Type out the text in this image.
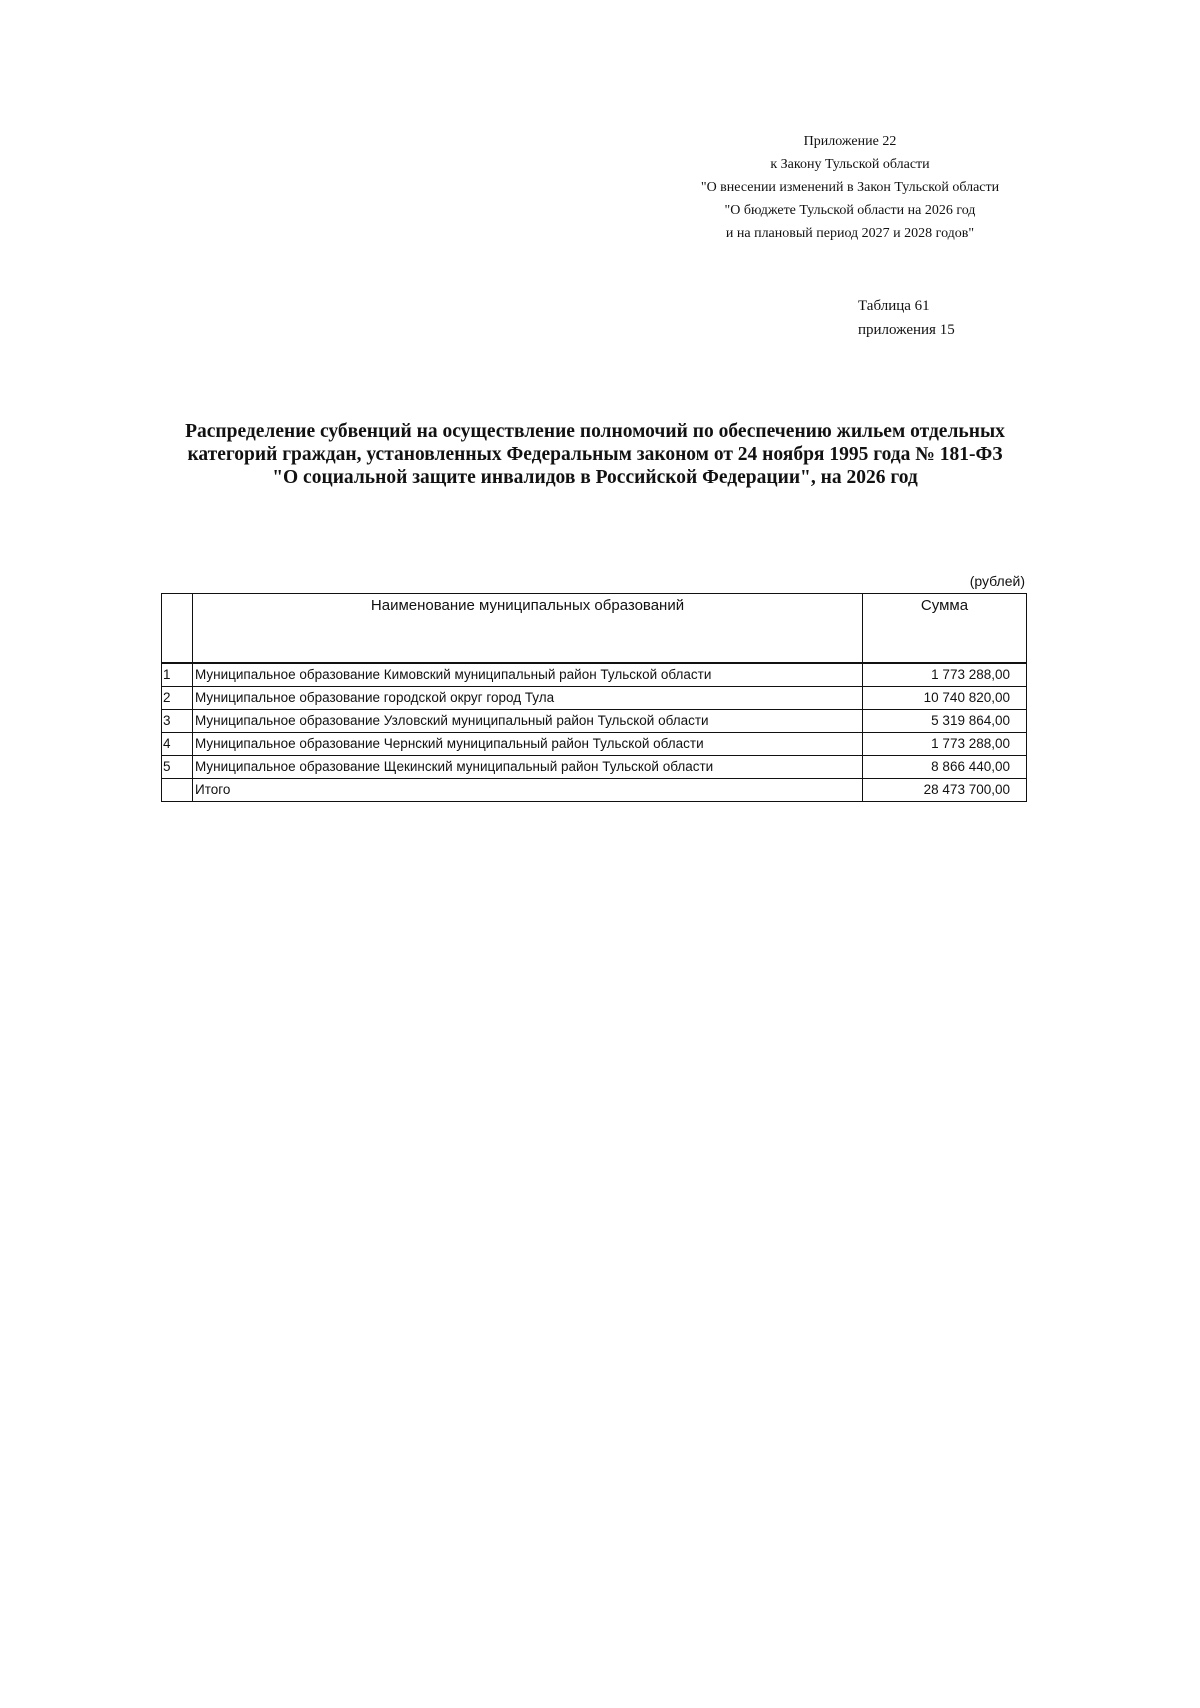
Приложение 22
к Закону Тульской области
"О внесении изменений в Закон Тульской области
"О бюджете Тульской области на 2026 год
и на плановый период 2027 и 2028 годов"
Таблица 61
приложения 15
Распределение субвенций на осуществление полномочий по обеспечению жильем отдельных
категорий граждан, установленных Федеральным законом от 24 ноября 1995 года № 181-ФЗ
"О социальной защите инвалидов в Российской Федерации", на 2026 год
(рублей)
	Наименование муниципальных образований	Сумма
1	Муниципальное образование Кимовский муниципальный район Тульской области	1 773 288,00
2	Муниципальное образование городской округ город Тула	10 740 820,00
3	Муниципальное образование Узловский муниципальный район Тульской области	5 319 864,00
4	Муниципальное образование Чернский муниципальный район Тульской области	1 773 288,00
5	Муниципальное образование Щекинский муниципальный район Тульской области	8 866 440,00
	Итого	28 473 700,00
